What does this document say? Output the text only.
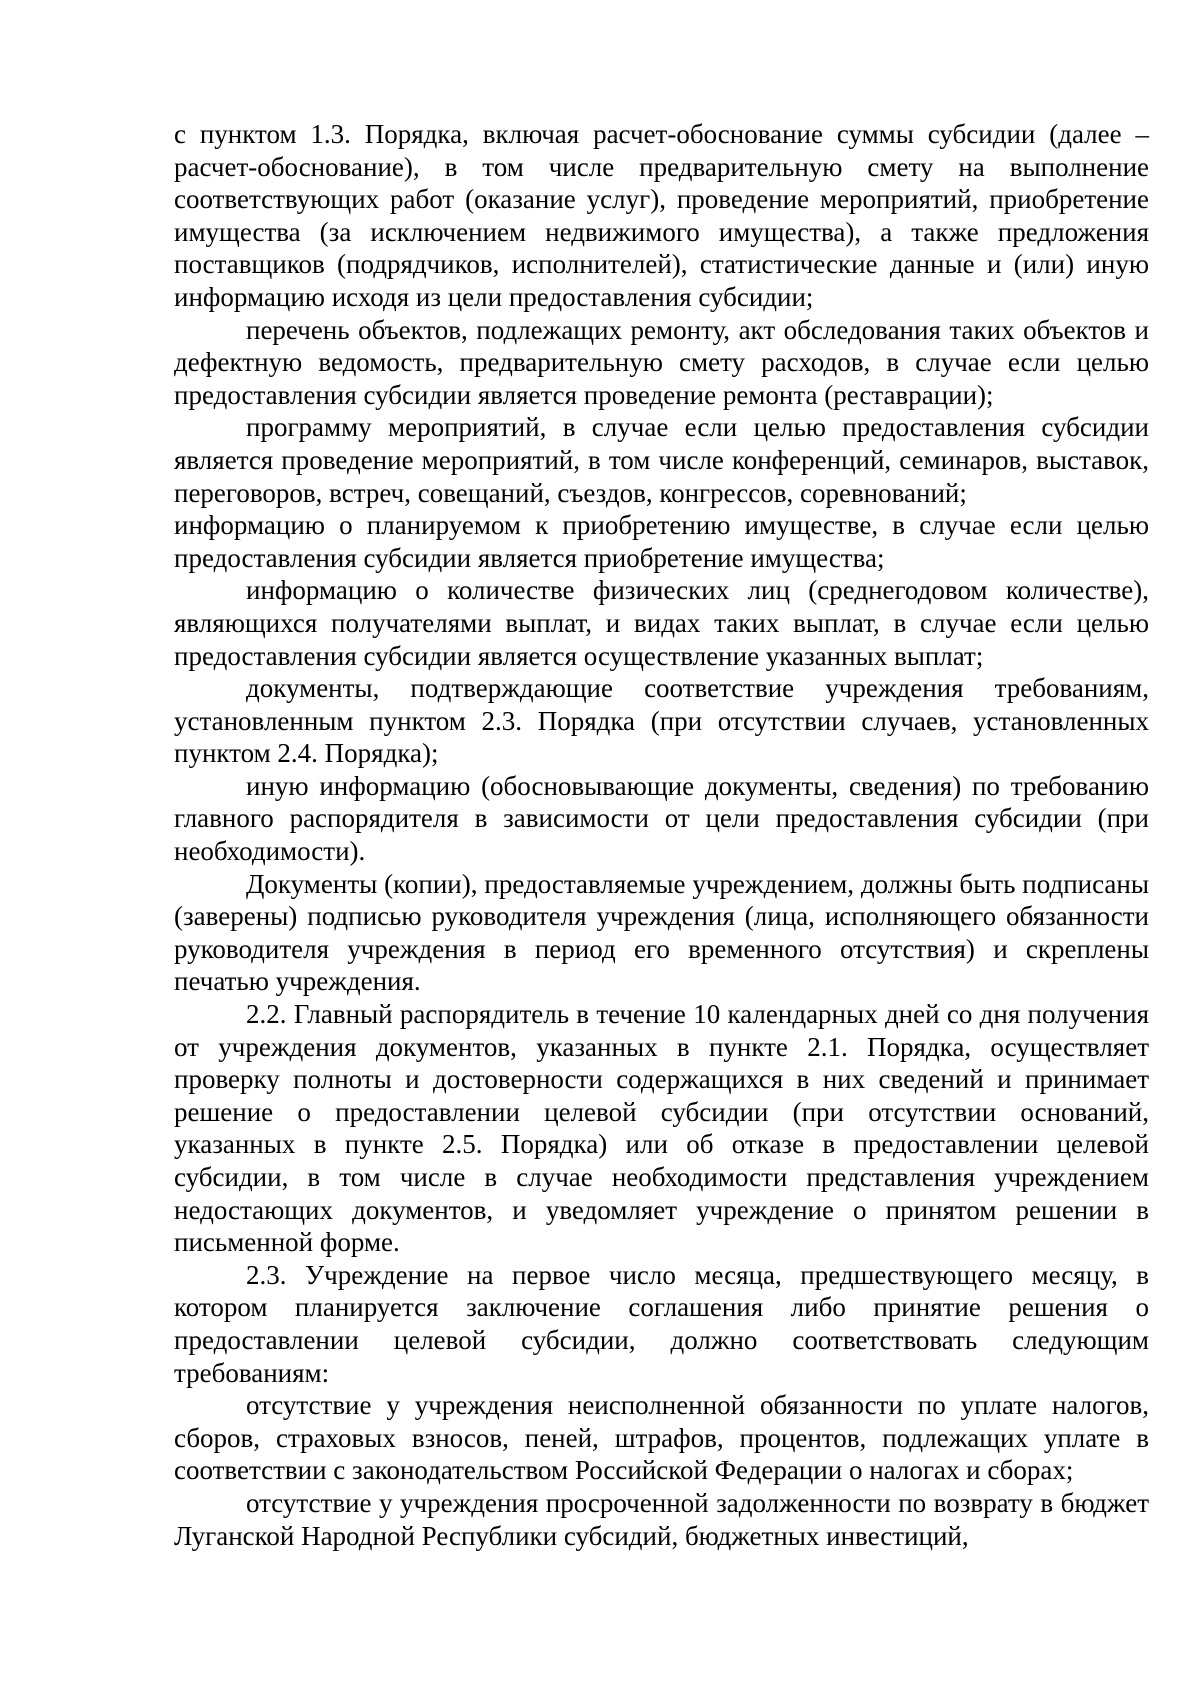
с пунктом 1.3. Порядка, включая расчет-обоснование суммы субсидии (далее – расчет-обоснование), в том числе предварительную смету на выполнение соответствующих работ (оказание услуг), проведение мероприятий, приобретение имущества (за исключением недвижимого имущества), а также предложения поставщиков (подрядчиков, исполнителей), статистические данные и (или) иную информацию исходя из цели предоставления субсидии;

перечень объектов, подлежащих ремонту, акт обследования таких объектов и дефектную ведомость, предварительную смету расходов, в случае если целью предоставления субсидии является проведение ремонта (реставрации);

программу мероприятий, в случае если целью предоставления субсидии является проведение мероприятий, в том числе конференций, семинаров, выставок, переговоров, встреч, совещаний, съездов, конгрессов, соревнований;

информацию о планируемом к приобретению имуществе, в случае если целью предоставления субсидии является приобретение имущества;

информацию о количестве физических лиц (среднегодовом количестве), являющихся получателями выплат, и видах таких выплат, в случае если целью предоставления субсидии является осуществление указанных выплат;

документы, подтверждающие соответствие учреждения требованиям, установленным пунктом 2.3. Порядка (при отсутствии случаев, установленных пунктом 2.4. Порядка);

иную информацию (обосновывающие документы, сведения) по требованию главного распорядителя в зависимости от цели предоставления субсидии (при необходимости).

Документы (копии), предоставляемые учреждением, должны быть подписаны (заверены) подписью руководителя учреждения (лица, исполняющего обязанности руководителя учреждения в период его временного отсутствия) и скреплены печатью учреждения.

2.2. Главный распорядитель в течение 10 календарных дней со дня получения от учреждения документов, указанных в пункте 2.1. Порядка, осуществляет проверку полноты и достоверности содержащихся в них сведений и принимает решение о предоставлении целевой субсидии (при отсутствии оснований, указанных в пункте 2.5. Порядка) или об отказе в предоставлении целевой субсидии, в том числе в случае необходимости представления учреждением недостающих документов, и уведомляет учреждение о принятом решении в письменной форме.

2.3. Учреждение на первое число месяца, предшествующего месяцу, в котором планируется заключение соглашения либо принятие решения о предоставлении целевой субсидии, должно соответствовать следующим требованиям:

отсутствие у учреждения неисполненной обязанности по уплате налогов, сборов, страховых взносов, пеней, штрафов, процентов, подлежащих уплате в соответствии с законодательством Российской Федерации о налогах и сборах;

отсутствие у учреждения просроченной задолженности по возврату в бюджет Луганской Народной Республики субсидий, бюджетных инвестиций,
